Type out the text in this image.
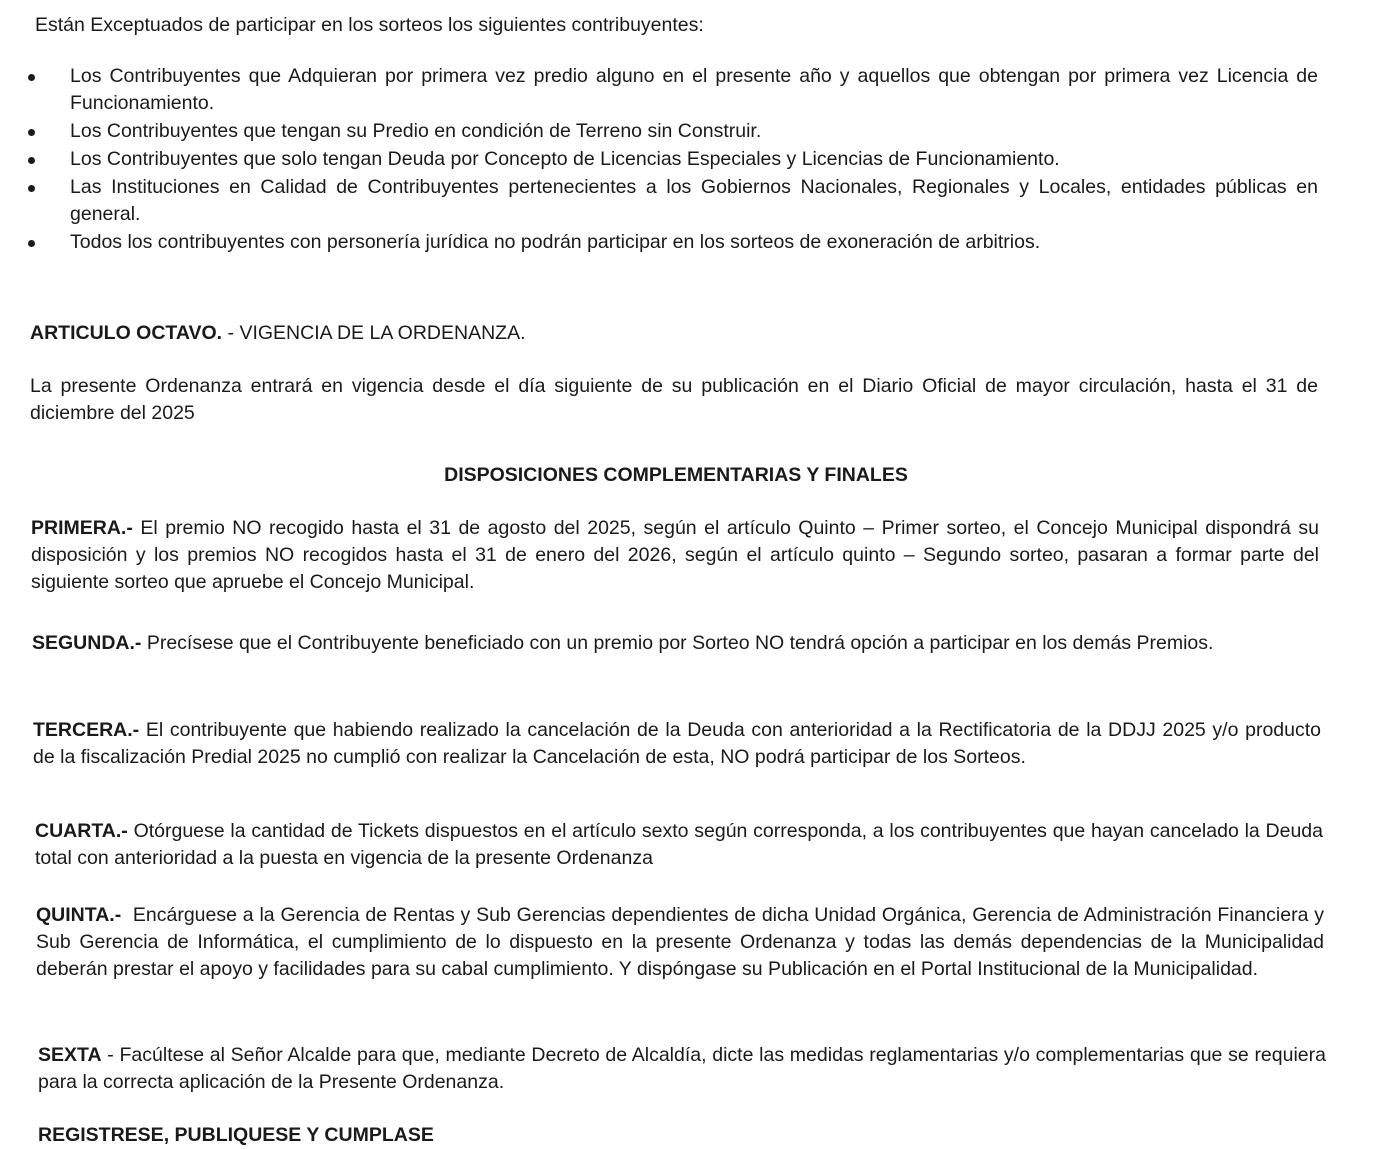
Están Exceptuados de participar en los sorteos los siguientes contribuyentes:
Los Contribuyentes que Adquieran por primera vez predio alguno en el presente año y aquellos que obtengan por primera vez Licencia de Funcionamiento.
Los Contribuyentes que tengan su Predio en condición de Terreno sin Construir.
Los Contribuyentes que solo tengan Deuda por Concepto de Licencias Especiales y Licencias de Funcionamiento.
Las Instituciones en Calidad de Contribuyentes pertenecientes a los Gobiernos Nacionales, Regionales y Locales, entidades públicas en general.
Todos los contribuyentes con personería jurídica no podrán participar en los sorteos de exoneración de arbitrios.
ARTICULO OCTAVO. - VIGENCIA DE LA ORDENANZA.
La presente Ordenanza entrará en vigencia desde el día siguiente de su publicación en el Diario Oficial de mayor circulación, hasta el 31 de diciembre del 2025
DISPOSICIONES COMPLEMENTARIAS Y FINALES
PRIMERA.- El premio NO recogido hasta el 31 de agosto del 2025, según el artículo Quinto – Primer sorteo, el Concejo Municipal dispondrá su disposición y los premios NO recogidos hasta el 31 de enero del 2026, según el artículo quinto – Segundo sorteo, pasaran a formar parte del siguiente sorteo que apruebe el Concejo Municipal.
SEGUNDA.- Precísese que el Contribuyente beneficiado con un premio por Sorteo NO tendrá opción a participar en los demás Premios.
TERCERA.- El contribuyente que habiendo realizado la cancelación de la Deuda con anterioridad a la Rectificatoria de la DDJJ 2025 y/o producto de la fiscalización Predial 2025 no cumplió con realizar la Cancelación de esta, NO podrá participar de los Sorteos.
CUARTA.- Otórguese la cantidad de Tickets dispuestos en el artículo sexto según corresponda, a los contribuyentes que hayan cancelado la Deuda total con anterioridad a la puesta en vigencia de la presente Ordenanza
QUINTA.-  Encárguese a la Gerencia de Rentas y Sub Gerencias dependientes de dicha Unidad Orgánica, Gerencia de Administración Financiera y Sub Gerencia de Informática, el cumplimiento de lo dispuesto en la presente Ordenanza y todas las demás dependencias de la Municipalidad deberán prestar el apoyo y facilidades para su cabal cumplimiento. Y dispóngase su Publicación en el Portal Institucional de la Municipalidad.
SEXTA - Facúltese al Señor Alcalde para que, mediante Decreto de Alcaldía, dicte las medidas reglamentarias y/o complementarias que se requiera para la correcta aplicación de la Presente Ordenanza.
REGISTRESE, PUBLIQUESE Y CUMPLASE
